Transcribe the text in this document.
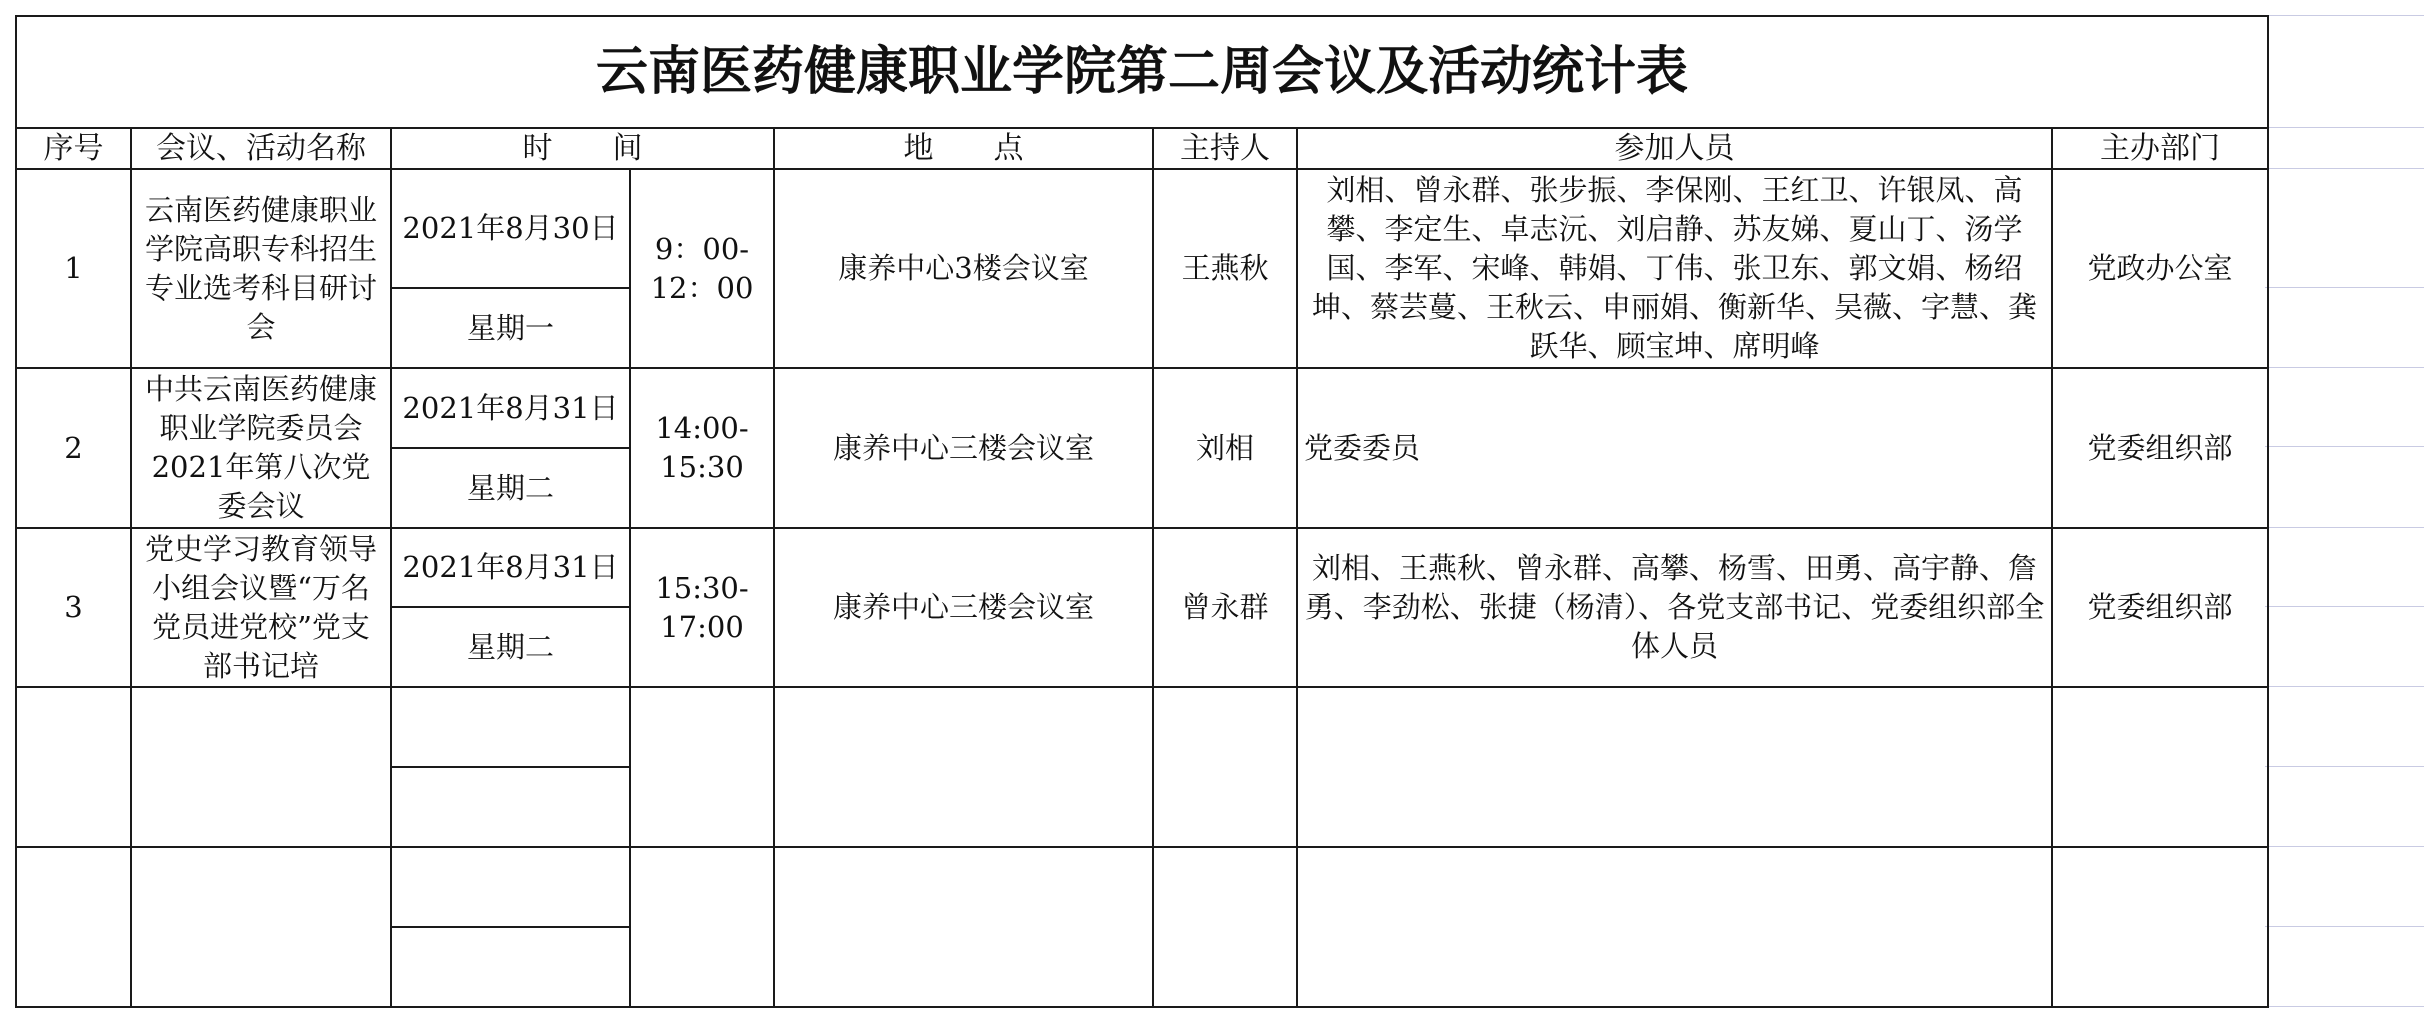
云南医药健康职业学院第二周会议及活动统计表							
序号	会议、活动名称	时　　间		地　　点	主持人	参加人员	主办部门
1	云南医药健康职业学院高职专科招生专业选考科目研讨会	2021年8月30日	9：00-12：00	康养中心3楼会议室	王燕秋	刘相、曾永群、张步振、李保刚、王红卫、许银凤、高攀、李定生、卓志沅、刘启静、苏友娣、夏山丁、汤学国、李军、宋峰、韩娟、丁伟、张卫东、郭文娟、杨绍坤、蔡芸蔓、王秋云、申丽娟、衡新华、吴薇、字慧、龚跃华、顾宝坤、席明峰	党政办公室
		星期一					
2	中共云南医药健康职业学院委员会2021年第八次党委会议	2021年8月31日	14:00-15:30	康养中心三楼会议室	刘相	党委委员	党委组织部
		星期二					
3	党史学习教育领导小组会议暨“万名党员进党校”党支部书记培	2021年8月31日	15:30-17:00	康养中心三楼会议室	曾永群	刘相、王燕秋、曾永群、高攀、杨雪、田勇、高宇静、詹勇、李劲松、张捷（杨清）、各党支部书记、党委组织部全体人员	党委组织部
		星期二					
